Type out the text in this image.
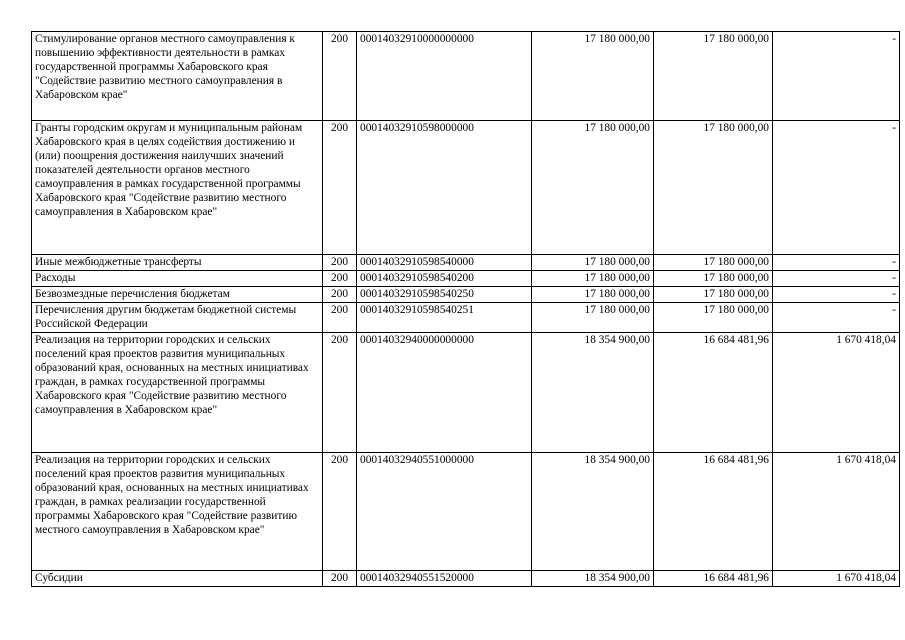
Стимулирование органов местного самоуправления к повышению эффективности деятельности в рамках государственной программы Хабаровского края "Содействие развитию местного самоуправления в Хабаровском крае"	200	00014032910000000000	17 180 000,00	17 180 000,00	-
Гранты городским округам и муниципальным районам Хабаровского края в целях содействия достижению и (или) поощрения достижения наилучших значений показателей деятельности органов местного самоуправления в рамках государственной программы Хабаровского края "Содействие развитию местного самоуправления в Хабаровском крае"	200	00014032910598000000	17 180 000,00	17 180 000,00	-
Иные межбюджетные трансферты	200	00014032910598540000	17 180 000,00	17 180 000,00	-
Расходы	200	00014032910598540200	17 180 000,00	17 180 000,00	-
Безвозмездные перечисления бюджетам	200	00014032910598540250	17 180 000,00	17 180 000,00	-
Перечисления другим бюджетам бюджетной системы Российской Федерации	200	00014032910598540251	17 180 000,00	17 180 000,00	-
Реализация на территории городских и сельских поселений края проектов развития муниципальных образований края, основанных на местных инициативах граждан, в рамках государственной программы Хабаровского края "Содействие развитию местного самоуправления в Хабаровском крае"	200	00014032940000000000	18 354 900,00	16 684 481,96	1 670 418,04
Реализация на территории городских и сельских поселений края проектов развития муниципальных образований края, основанных на местных инициативах граждан, в рамках реализации государственной программы Хабаровского края "Содействие развитию местного самоуправления в Хабаровском крае"	200	00014032940551000000	18 354 900,00	16 684 481,96	1 670 418,04
Субсидии	200	00014032940551520000	18 354 900,00	16 684 481,96	1 670 418,04
